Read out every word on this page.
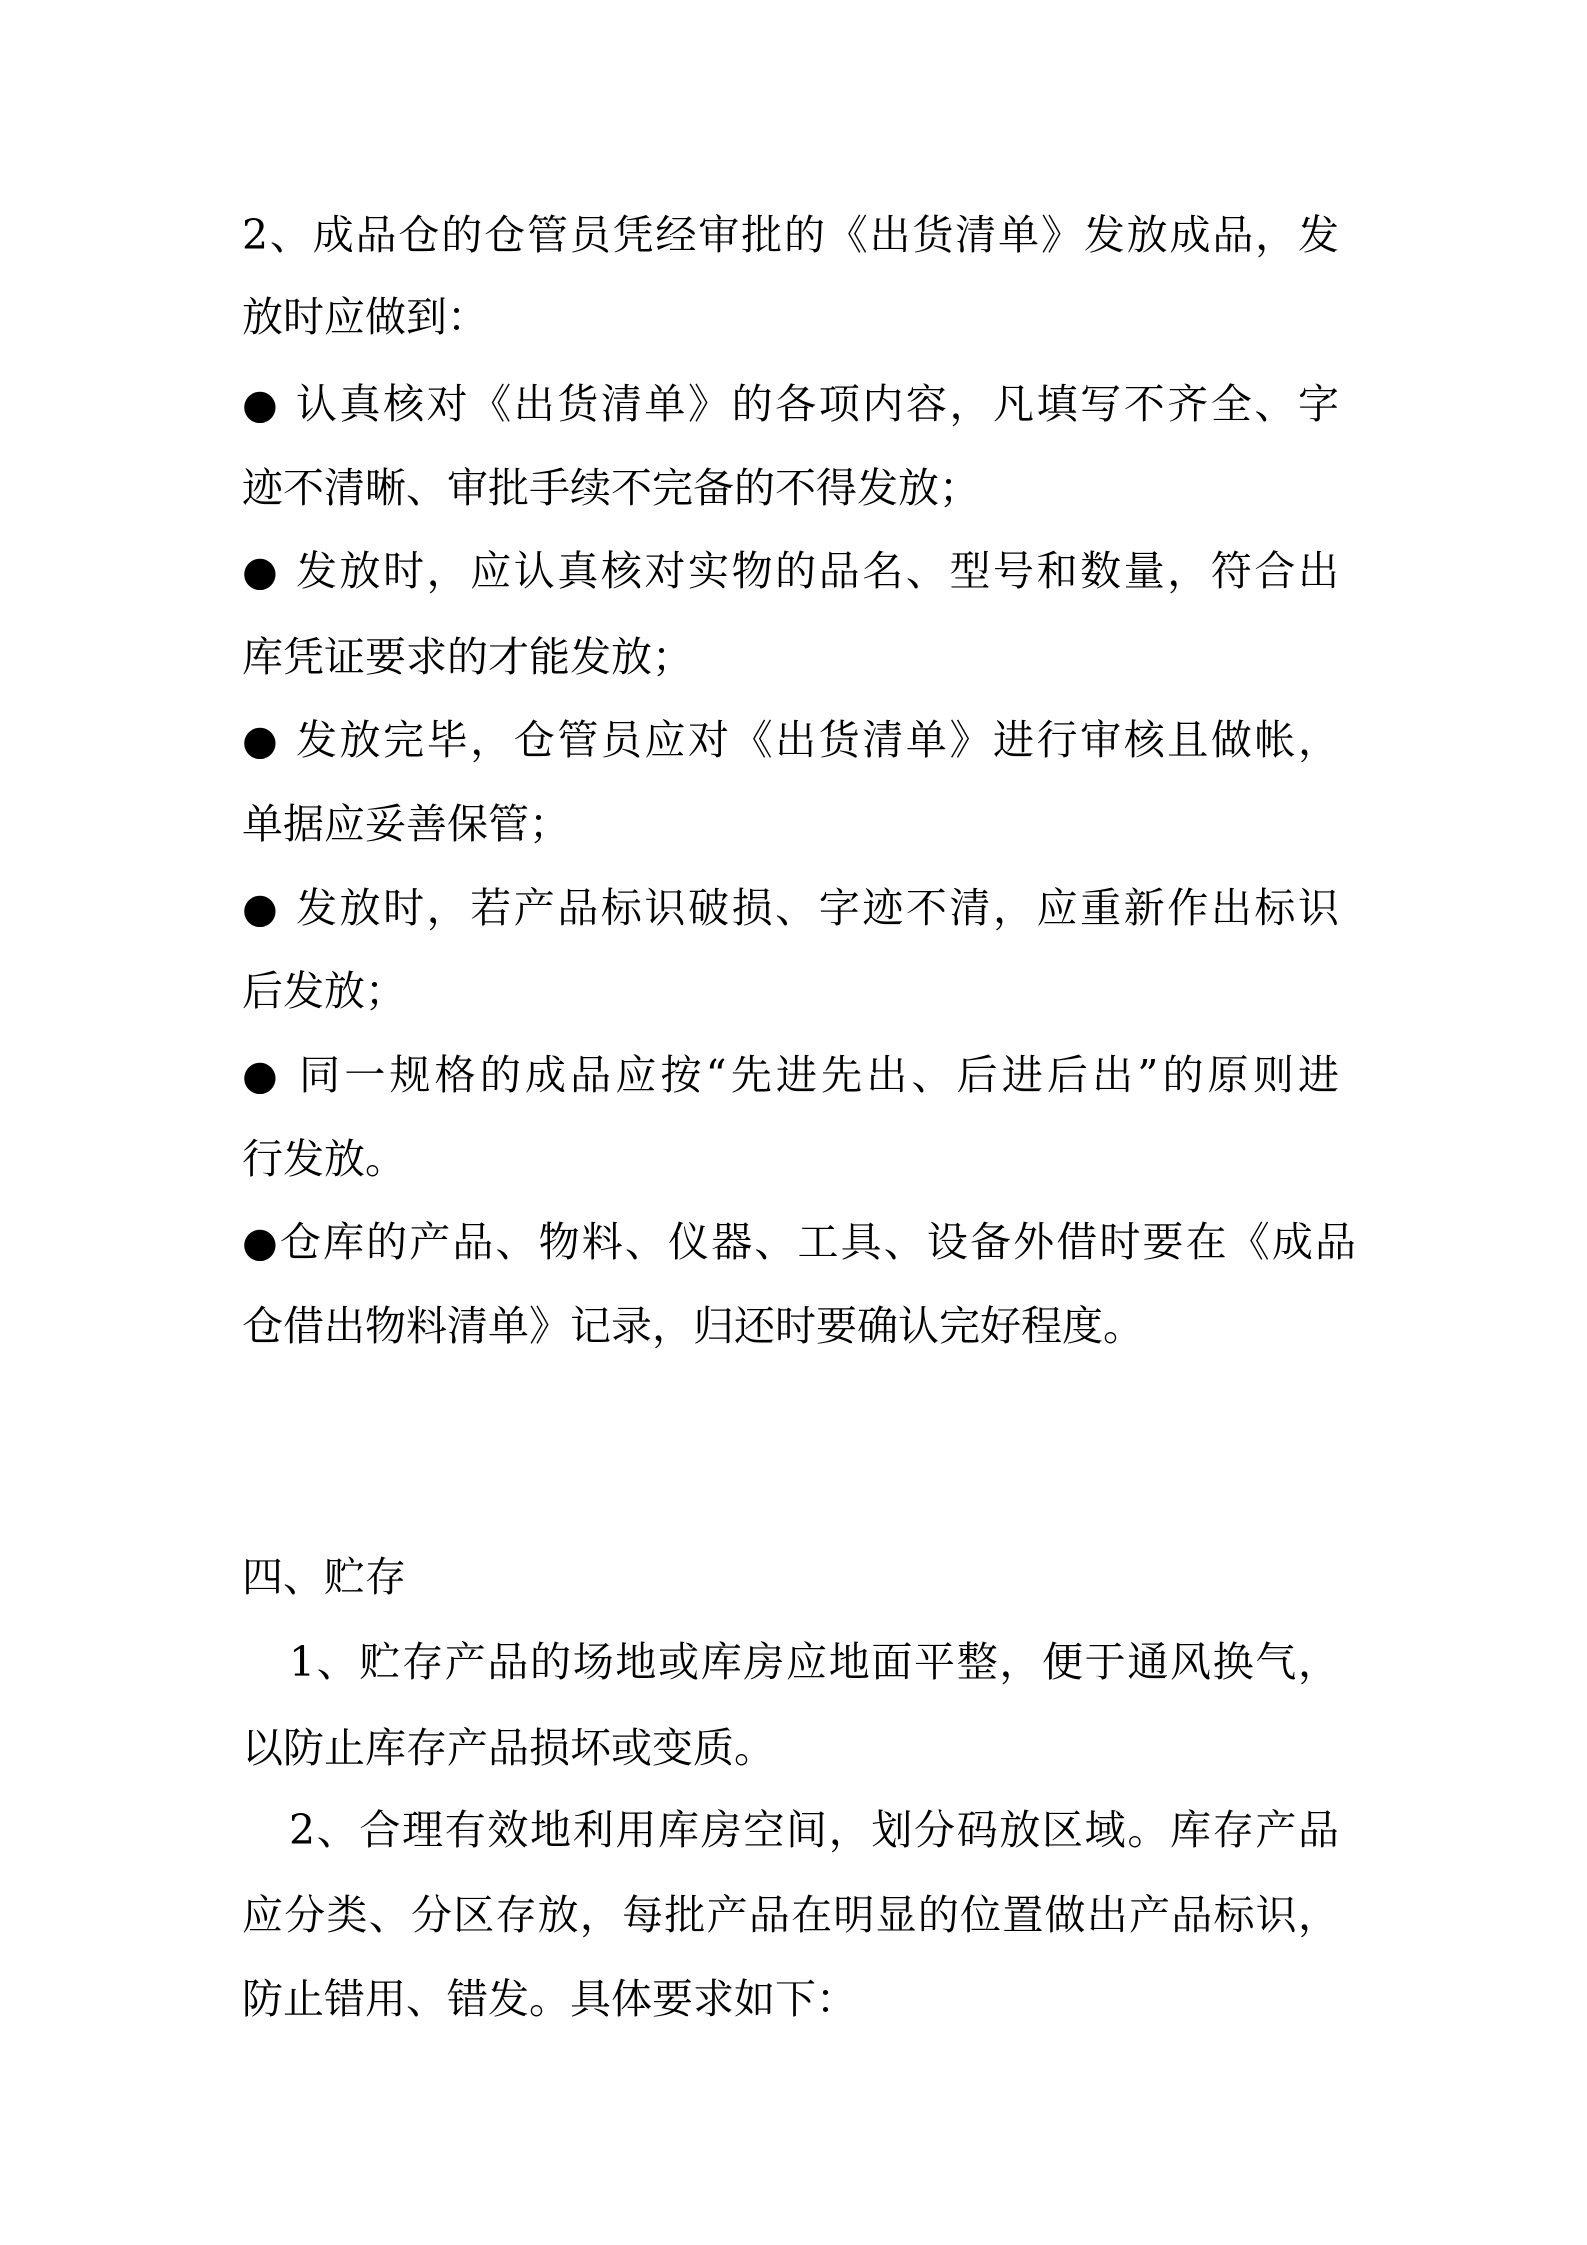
2、成品仓的仓管员凭经审批的《出货清单》发放成品，发
放时应做到：
● 认真核对《出货清单》的各项内容，凡填写不齐全、字
迹不清晰、审批手续不完备的不得发放；
● 发放时，应认真核对实物的品名、型号和数量，符合出
库凭证要求的才能发放；
● 发放完毕，仓管员应对《出货清单》进行审核且做帐，
单据应妥善保管；
● 发放时，若产品标识破损、字迹不清，应重新作出标识
后发放；
● 同一规格的成品应按“先进先出、后进后出”的原则进
行发放。
●仓库的产品、物料、仪器、工具、设备外借时要在《成品
仓借出物料清单》记录，归还时要确认完好程度。
四、贮存
1、贮存产品的场地或库房应地面平整，便于通风换气，
以防止库存产品损坏或变质。
2、合理有效地利用库房空间，划分码放区域。库存产品
应分类、分区存放，每批产品在明显的位置做出产品标识，
防止错用、错发。具体要求如下：
